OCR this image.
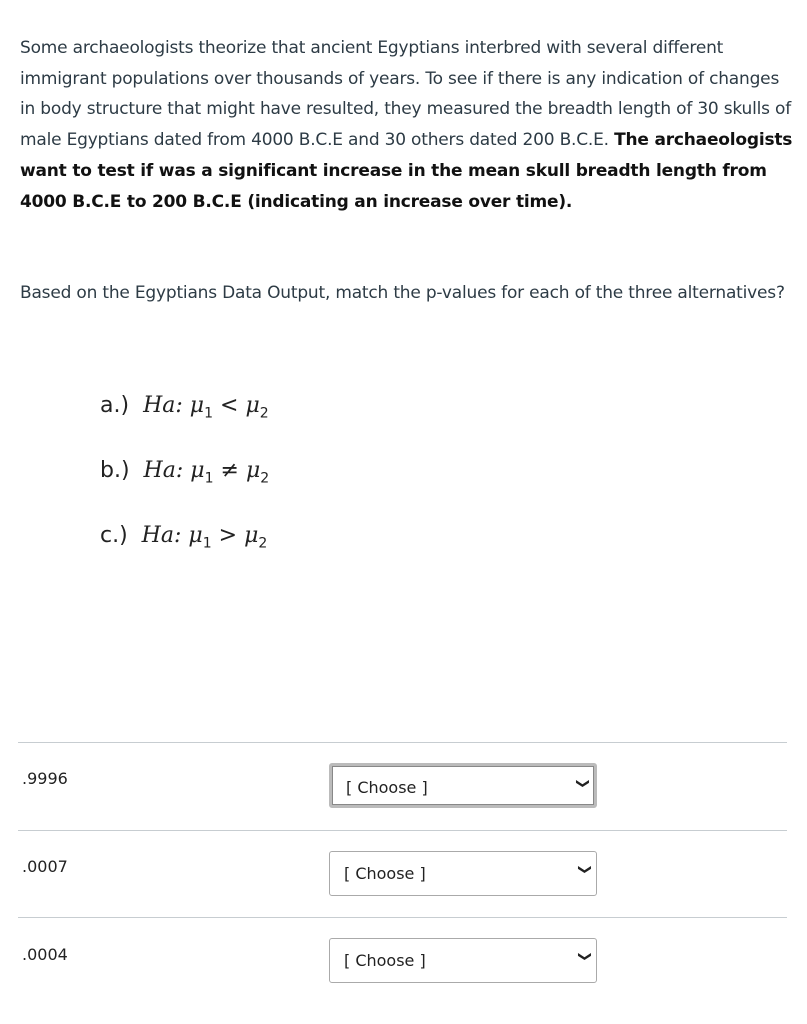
Some archaeologists theorize that ancient Egyptians interbred with several different immigrant populations over thousands of years. To see if there is any indication of changes in body structure that might have resulted, they measured the breadth length of 30 skulls of male Egyptians dated from 4000 B.C.E and 30 others dated 200 B.C.E. The archaeologists want to test if was a significant increase in the mean skull breadth length from 4000 B.C.E to 200 B.C.E (indicating an increase over time).
Based on the Egyptians Data Output, match the p-values for each of the three alternatives?
a.) Ha: $\mu_1 < \mu_2$
b.) Ha: $\mu_1 \ne \mu_2$
c.) Ha: $\mu_1 > \mu_2$
.9996	[ Choose ]	❯
.0007	[ Choose ]	❯
.0004	[ Choose ]	❯
